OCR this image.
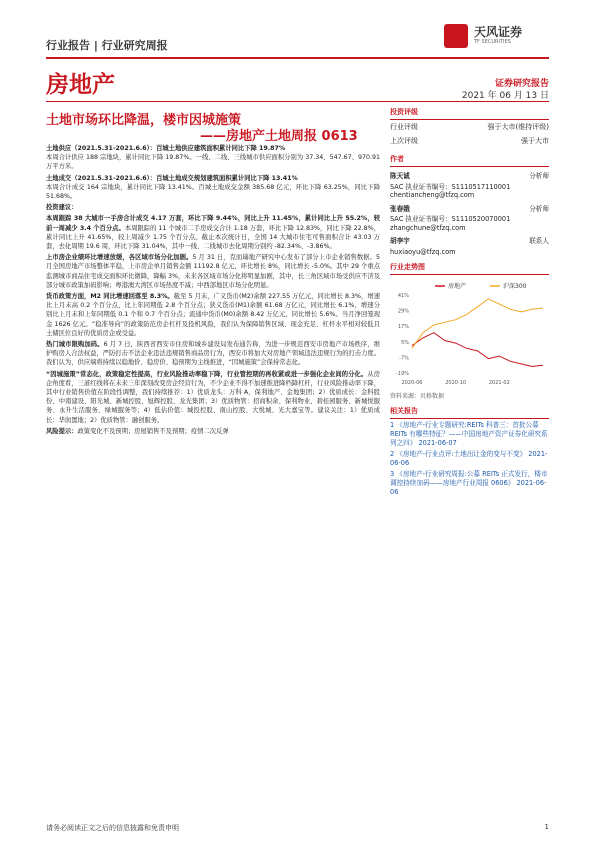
行业报告 | 行业研究周报
天风证券
TF SECURITIES
房地产	证券研究报告
2021 年 06 月 13 日
土地市场环比降温，楼市因城施策
——房地产土地周报 0613

土地供应（2021.5.31-2021.6.6）：百城土地供应建筑面积累计同比下降 19.87%
本周合计供应 188 宗地块，累计同比下降 19.87%。一线、二线、三线城市供应面积分别为 37.34、547.67、970.91 万平方米。

土地成交（2021.5.31-2021.6.6）：百城土地成交规划建筑面积累计同比下降 13.41%
本周合计成交 164 宗地块，累计同比下降 13.41%。百城土地成交金额 385.68 亿元，环比下降 63.25%，同比下降 51.68%。

投资建议：

本周跟踪 38 大城市一手房合计成交 4.17 万套，环比下降 9.44%，同比上升 11.45%，累计同比上升 55.2%，较前一周减少 3.4 个百分点。本周跟踪的 11 个城市二手房成交合计 1.18 万套，环比下降 12.83%，同比下降 22.8%，累计同比上升 41.65%，较上周减少 1.75 个百分点。截止本次统计日，全国 14 大城市住宅可售面积合计 43.03 万套，去化周期 19.6 周，环比下降 31.04%，其中一线、二线城市去化周期分别约 -82.34%、-3.86%。

上市房企业绩环比增速放缓，各区域市场分化加剧。5 月 31 日，克而瑞地产研究中心发布了部分上市企业销售数据。5 月全国房地产市场整体平稳，上市房企单月销售金额 11192.8 亿元，环比增长 8%，同比增长 -5.0%。其中 29 个重点监测城市商品住宅成交面积环比微降，降幅 3%，未来各区域市场分化将明显加剧，其中，长三角区域市场受供应不济及部分城市政策加码影响；粤港澳大湾区市场热度不减；中西部地区市场分化明显。

货币政策方面，M2 同比增速回落至 8.3%。截至 5 月末，广义货币(M2)余额 227.55 万亿元，同比增长 8.3%，增速比上月末高 0.2 个百分点，比上年同期低 2.8 个百分点；狭义货币(M1)余额 61.68 万亿元，同比增长 6.1%，增速分别比上月末和上年同期低 0.1 个和 0.7 个百分点；流通中货币(M0)余额 8.42 万亿元，同比增长 5.6%。当月净回笼现金 1626 亿元。“稳准导向”的政策防范房企杠杆及投机风险，我们认为保障销售区域、现金充足、杠杆水平相对较低且土储区位良好的优质房企或受益。

热门城市限购加码。6 月 7 日，陕西省西安市住房和城乡建设局发布通告称，为进一步规范西安市房地产市场秩序，维护购房人合法权益，严防打击不法企业违法违规销售商品房行为，西安市将加大对房地产领域违法违规行为的打击力度。我们认为，供应端将持续以稳地价、稳房价、稳预期为主线推进，“因城施策”会保持常态化。

“因城施策”常态化，政策稳定性提高，行业风险推动率稳下降，行业管控期的再收紧或进一步强化企业间的分化。从房企角度看，三道红线将在未来三年深刻改变房企经营行为，不少企业不得不加速推进降档降杠杆，行业风险推动率下降，其中行业销售价值在阶段性调整，我们持续推荐：1）优质龙头：万科 A、保利地产、金地集团；2）优质成长：金科股份、中南建设、阳光城、新城控股、旭辉控股、龙光集团；3）优质物管：招商积余、保利物业、碧桂园服务、新城悦服务、永升生活服务、绿城服务等；4）低估价值：城投控股、南山控股、大悦城、光大嘉宝等。建议关注：1）优质成长：华润置地；2）优质物管：融创服务。

风险提示：政策变化不及预期；房屋销售不及预期；疫情二次反弹

投资评级
行业评级	强于大市(维持评级)
上次评级	强于大市
作者
陈天诚	分析师
SAC 执业证书编号：S1110517110001
chentiancheng@tfzq.com
张春娥	分析师
SAC 执业证书编号：S1110520070001
zhangchune@tfzq.com
胡李宇	联系人
huxiaoyu@tfzq.com
行业走势图
41%
29%
17%
5%
-7%
-19%
2020-06	2020-10	2021-02
房地产	沪深300
资料来源：贝格数据
相关报告
1 《房地产-行业专题研究:REITs 科普三：首批公募 REITs 有哪些特征？——中国房地产资产证券化研究系列之四》 2021-06-07
2 《房地产-行业点评:土地出让金的变与不变》 2021-06-06
3 《房地产-行业研究周报:公募 REITs 正式发行，楼市调控持续加码——房地产行业周报 0606》 2021-06-06
请务必阅读正文之后的信息披露和免责申明	1
